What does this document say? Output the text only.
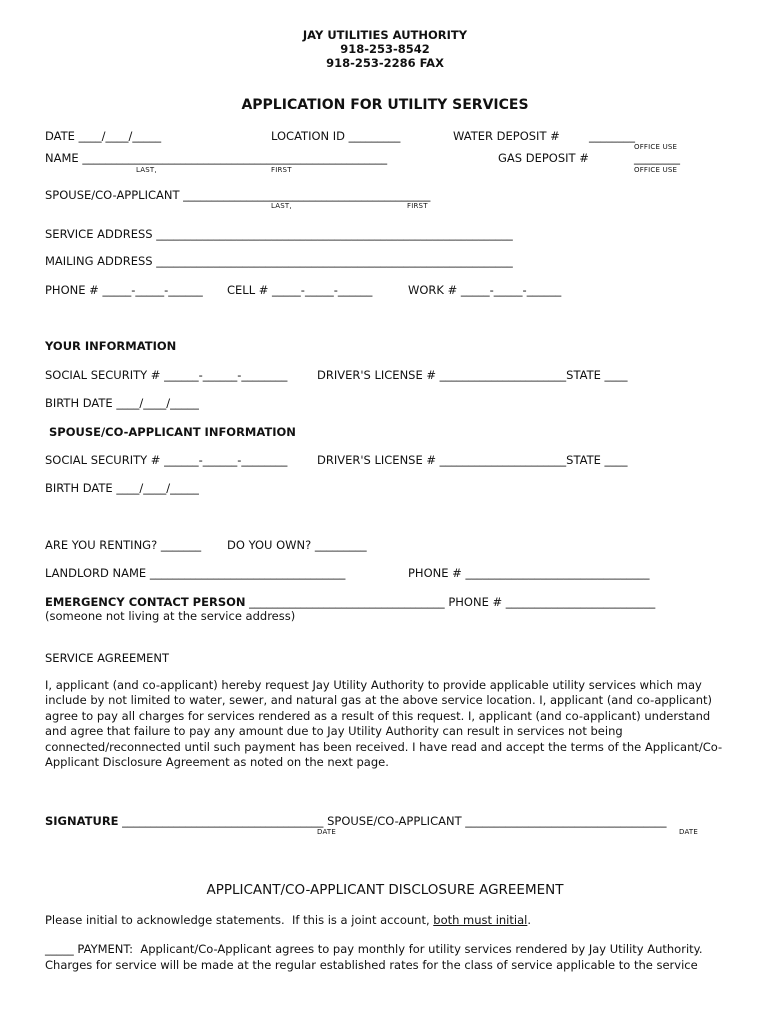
JAY UTILITIES AUTHORITY
918-253-8542
918-253-2286 FAX
APPLICATION FOR UTILITY SERVICES
DATE ____/____/_____	LOCATION ID _________	WATER DEPOSIT #	________
OFFICE USE
NAME _____________________________________________________	GAS DEPOSIT #	________
LAST,	FIRST	OFFICE USE
SPOUSE/CO-APPLICANT ___________________________________________
LAST,	FIRST
SERVICE ADDRESS ______________________________________________________________
MAILING ADDRESS ______________________________________________________________
PHONE # _____-_____-______ CELL # _____-_____-______	WORK # _____-_____-______
YOUR INFORMATION
SOCIAL SECURITY # ______-______-________	DRIVER'S LICENSE # ______________________STATE ____
BIRTH DATE ____/____/_____
SPOUSE/CO-APPLICANT INFORMATION
SOCIAL SECURITY # ______-______-________	DRIVER'S LICENSE # ______________________STATE ____
BIRTH DATE ____/____/_____
ARE YOU RENTING? _______ DO YOU OWN? _________
LANDLORD NAME __________________________________	PHONE # ________________________________
EMERGENCY CONTACT PERSON __________________________________ PHONE # __________________________
(someone not living at the service address)
SERVICE AGREEMENT
I, applicant (and co-applicant) hereby request Jay Utility Authority to provide applicable utility services which may include by not limited to water, sewer, and natural gas at the above service location. I, applicant (and co-applicant) agree to pay all charges for services rendered as a result of this request. I, applicant (and co-applicant) understand and agree that failure to pay any amount due to Jay Utility Authority can result in services not being connected/reconnected until such payment has been received. I have read and accept the terms of the Applicant/Co-Applicant Disclosure Agreement as noted on the next page.
SIGNATURE ___________________________________ SPOUSE/CO-APPLICANT ___________________________________
DATE	DATE
APPLICANT/CO-APPLICANT DISCLOSURE AGREEMENT
Please initial to acknowledge statements.  If this is a joint account, both must initial.
_____ PAYMENT:  Applicant/Co-Applicant agrees to pay monthly for utility services rendered by Jay Utility Authority.
Charges for service will be made at the regular established rates for the class of service applicable to the service
